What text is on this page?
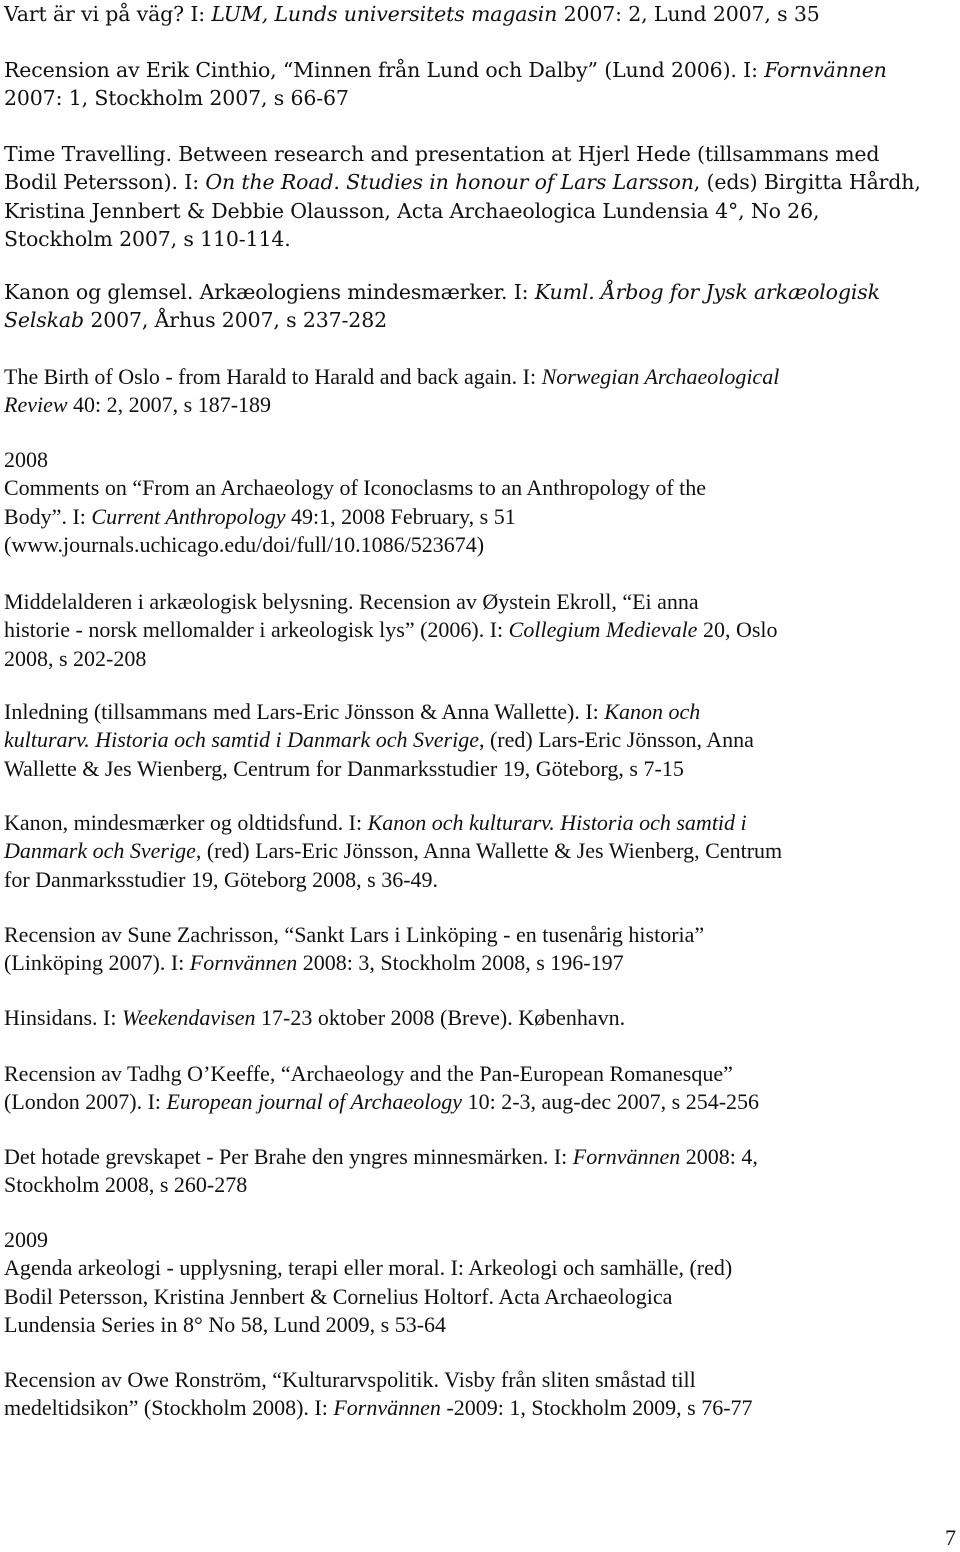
Vart är vi på väg? I: LUM, Lunds universitets magasin 2007: 2, Lund 2007, s 35
Recension av Erik Cinthio, “Minnen från Lund och Dalby” (Lund 2006). I: Fornvännen
2007: 1, Stockholm 2007, s 66-67
Time Travelling. Between research and presentation at Hjerl Hede (tillsammans med
Bodil Petersson). I: On the Road. Studies in honour of Lars Larsson, (eds) Birgitta Hårdh,
Kristina Jennbert & Debbie Olausson, Acta Archaeologica Lundensia 4°, No 26,
Stockholm 2007, s 110-114.
Kanon og glemsel. Arkæologiens mindesmærker. I: Kuml. Årbog for Jysk arkæologisk
Selskab 2007, Århus 2007, s 237-282
The Birth of Oslo - from Harald to Harald and back again. I: Norwegian Archaeological
Review 40: 2, 2007, s 187-189
2008
Comments on “From an Archaeology of Iconoclasms to an Anthropology of the
Body”. I: Current Anthropology 49:1, 2008 February, s 51
(www.journals.uchicago.edu/doi/full/10.1086/523674)
Middelalderen i arkæologisk belysning. Recension av Øystein Ekroll, “Ei anna
historie - norsk mellomalder i arkeologisk lys” (2006). I: Collegium Medievale 20, Oslo
2008, s 202-208
Inledning (tillsammans med Lars-Eric Jönsson & Anna Wallette). I: Kanon och
kulturarv. Historia och samtid i Danmark och Sverige, (red) Lars-Eric Jönsson, Anna
Wallette & Jes Wienberg, Centrum for Danmarksstudier 19, Göteborg, s 7-15
Kanon, mindesmærker og oldtidsfund. I: Kanon och kulturarv. Historia och samtid i
Danmark och Sverige, (red) Lars-Eric Jönsson, Anna Wallette & Jes Wienberg, Centrum
for Danmarksstudier 19, Göteborg 2008, s 36-49.
Recension av Sune Zachrisson, “Sankt Lars i Linköping - en tusenårig historia”
(Linköping 2007). I: Fornvännen 2008: 3, Stockholm 2008, s 196-197
Hinsidans. I: Weekendavisen 17-23 oktober 2008 (Breve). København.
Recension av Tadhg O’Keeffe, “Archaeology and the Pan-European Romanesque”
(London 2007). I: European journal of Archaeology 10: 2-3, aug-dec 2007, s 254-256
Det hotade grevskapet - Per Brahe den yngres minnesmärken. I: Fornvännen 2008: 4,
Stockholm 2008, s 260-278
2009
Agenda arkeologi - upplysning, terapi eller moral. I: Arkeologi och samhälle, (red)
Bodil Petersson, Kristina Jennbert & Cornelius Holtorf. Acta Archaeologica
Lundensia Series in 8° No 58, Lund 2009, s 53-64
Recension av Owe Ronström, “Kulturarvspolitik. Visby från sliten småstad till
medeltidsikon” (Stockholm 2008). I: Fornvännen -2009: 1, Stockholm 2009, s 76-77
7
